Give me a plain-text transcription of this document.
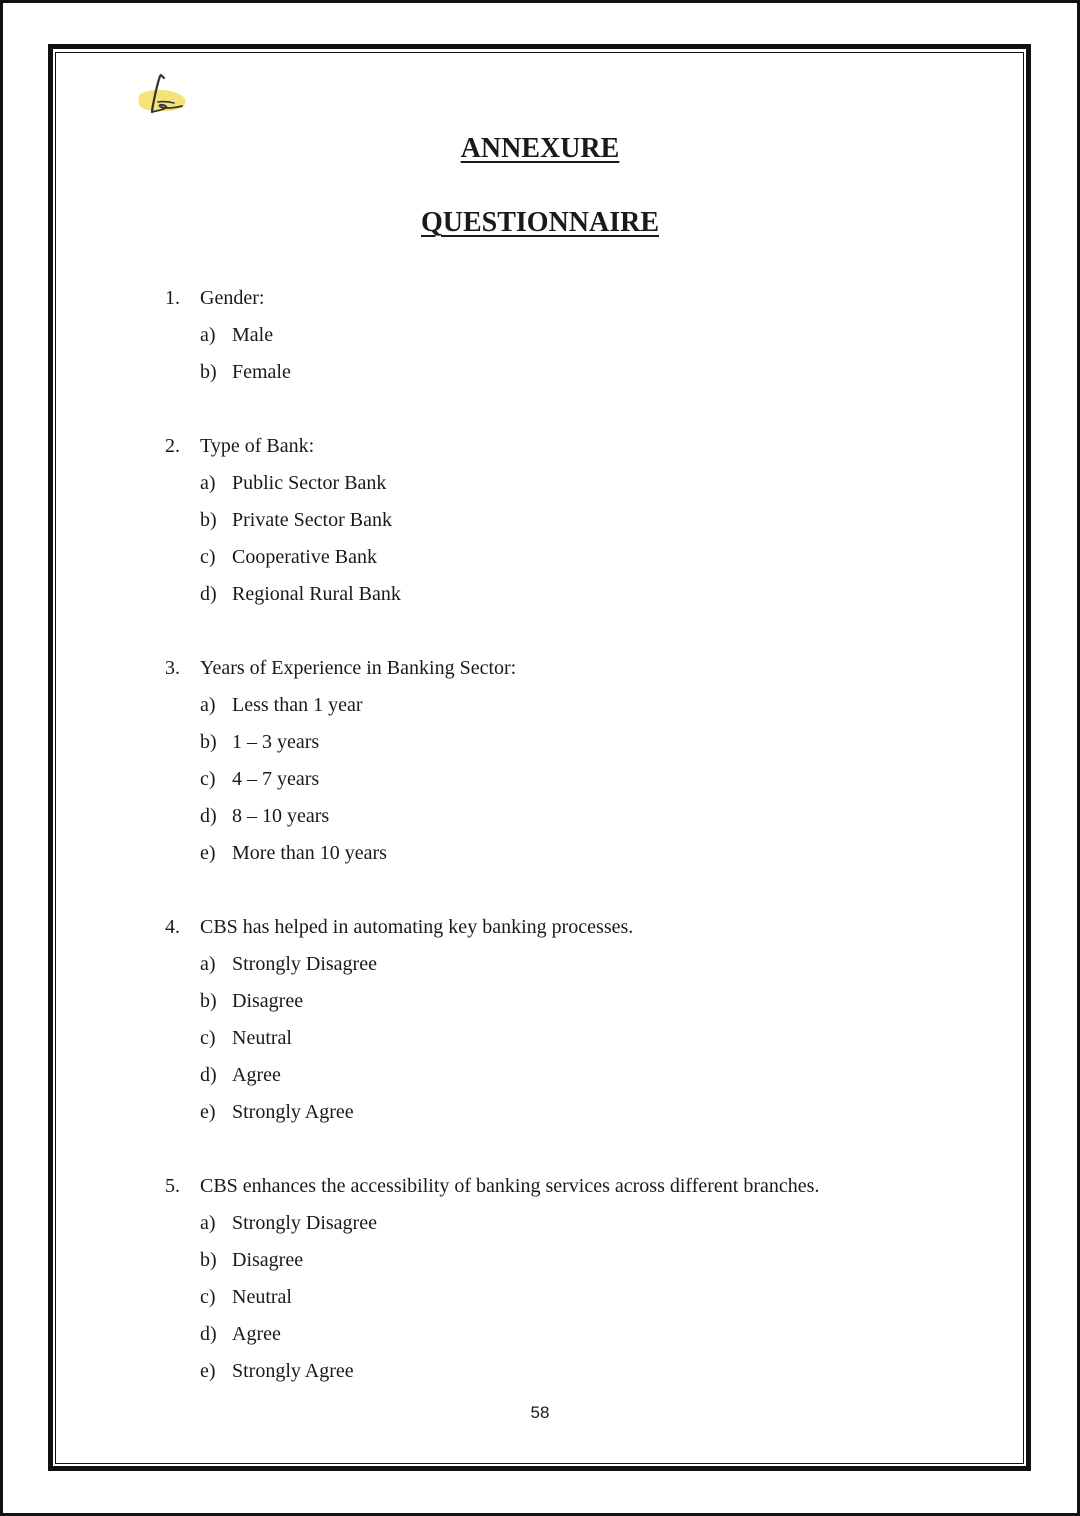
ANNEXURE
QUESTIONNAIRE
1.	Gender:
a) Male
b) Female
2.	Type of Bank:
a) Public Sector Bank
b) Private Sector Bank
c) Cooperative Bank
d) Regional Rural Bank
3.	Years of Experience in Banking Sector:
a) Less than 1 year
b) 1 – 3 years
c) 4 – 7 years
d) 8 – 10 years
e) More than 10 years
4.	CBS has helped in automating key banking processes.
a) Strongly Disagree
b) Disagree
c) Neutral
d) Agree
e) Strongly Agree
5.	CBS enhances the accessibility of banking services across different branches.
a) Strongly Disagree
b) Disagree
c) Neutral
d) Agree
e) Strongly Agree

58
